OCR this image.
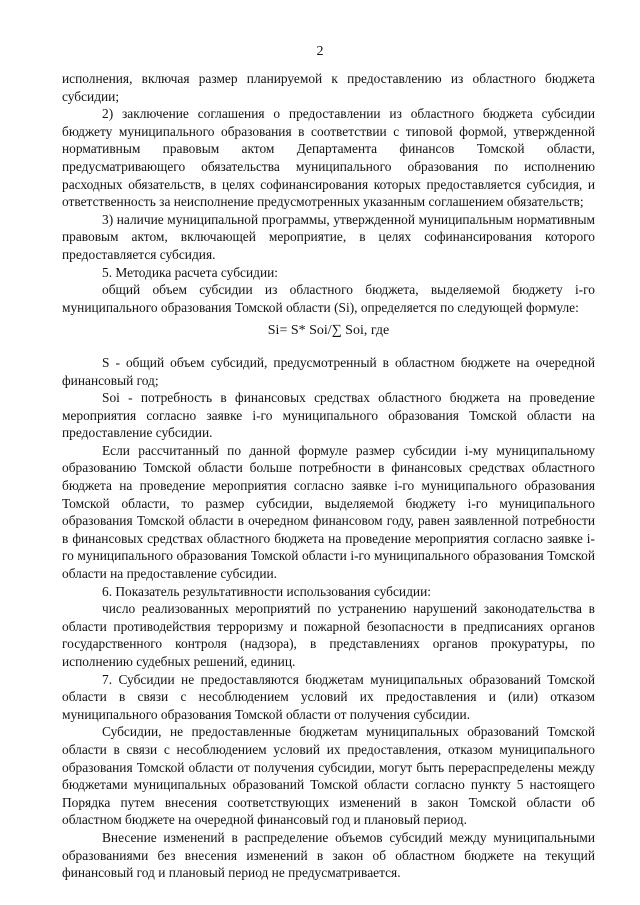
2

исполнения, включая размер планируемой к предоставлению из областного бюджета субсидии;

2) заключение соглашения о предоставлении из областного бюджета субсидии бюджету муниципального образования в соответствии с типовой формой, утвержденной нормативным правовым актом Департамента финансов Томской области, предусматривающего обязательства муниципального образования по исполнению расходных обязательств, в целях софинансирования которых предоставляется субсидия, и ответственность за неисполнение предусмотренных указанным соглашением обязательств;

3) наличие муниципальной программы, утвержденной муниципальным нормативным правовым актом, включающей мероприятие, в целях софинансирования которого предоставляется субсидия.

5. Методика расчета субсидии:

общий объем субсидии из областного бюджета, выделяемой бюджету i-го муниципального образования Томской области (Si), определяется по следующей формуле:

Si= S* Soi/∑ Soi, где

S - общий объем субсидий, предусмотренный в областном бюджете на очередной финансовый год;

Soi - потребность в финансовых средствах областного бюджета на проведение мероприятия согласно заявке i-го муниципального образования Томской области на предоставление субсидии.

Если рассчитанный по данной формуле размер субсидии i-му муниципальному образованию Томской области больше потребности в финансовых средствах областного бюджета на проведение мероприятия согласно заявке i-го муниципального образования Томской области, то размер субсидии, выделяемой бюджету i-го муниципального образования Томской области в очередном финансовом году, равен заявленной потребности в финансовых средствах областного бюджета на проведение мероприятия согласно заявке i-го муниципального образования Томской области i-го муниципального образования Томской области на предоставление субсидии.

6. Показатель результативности использования субсидии:

число реализованных мероприятий по устранению нарушений законодательства в области противодействия терроризму и пожарной безопасности в предписаниях органов государственного контроля (надзора), в представлениях органов прокуратуры, по исполнению судебных решений, единиц.

7. Субсидии не предоставляются бюджетам муниципальных образований Томской области в связи с несоблюдением условий их предоставления и (или) отказом муниципального образования Томской области от получения субсидии.

Субсидии, не предоставленные бюджетам муниципальных образований Томской области в связи с несоблюдением условий их предоставления, отказом муниципального образования Томской области от получения субсидии, могут быть перераспределены между бюджетами муниципальных образований Томской области согласно пункту 5 настоящего Порядка путем внесения соответствующих изменений в закон Томской области об областном бюджете на очередной финансовый год и плановый период.

Внесение изменений в распределение объемов субсидий между муниципальными образованиями без внесения изменений в закон об областном бюджете на текущий финансовый год и плановый период не предусматривается.
